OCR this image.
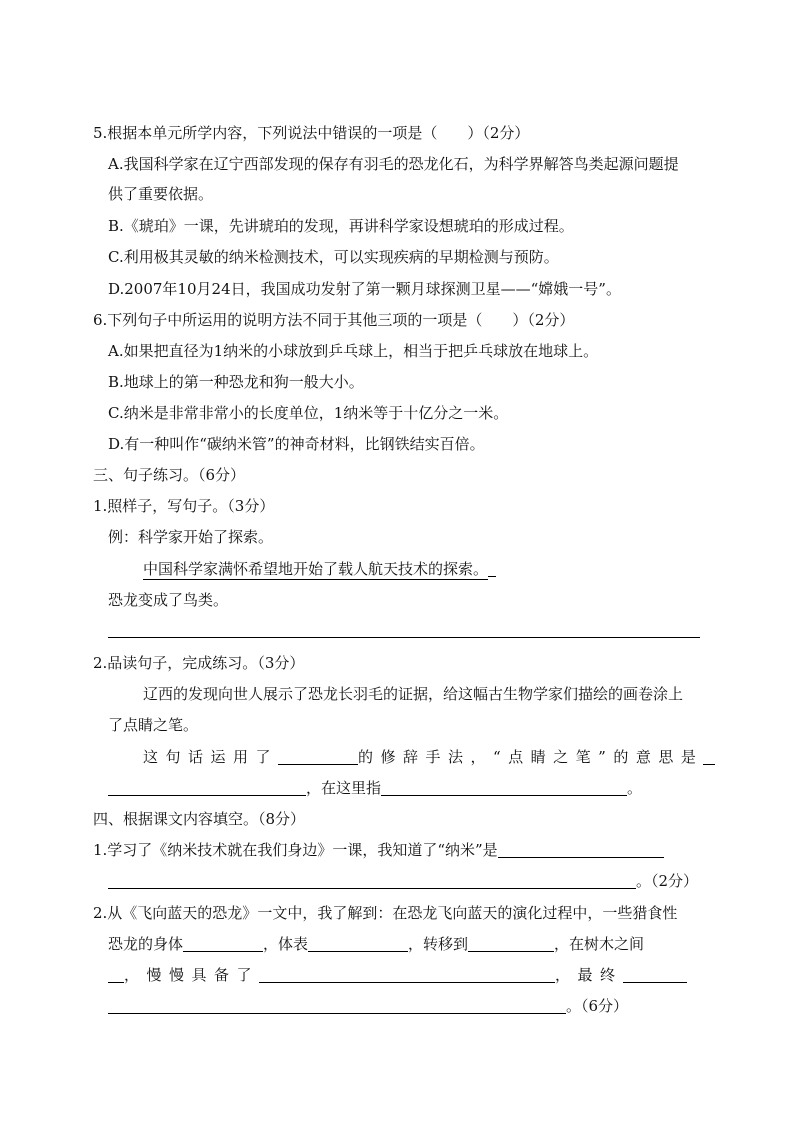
5.根据本单元所学内容，下列说法中错误的一项是（　　）（2分）
A.我国科学家在辽宁西部发现的保存有羽毛的恐龙化石，为科学界解答鸟类起源问题提
供了重要依据。
B.《琥珀》一课，先讲琥珀的发现，再讲科学家设想琥珀的形成过程。
C.利用极其灵敏的纳米检测技术，可以实现疾病的早期检测与预防。
D.2007年10月24日，我国成功发射了第一颗月球探测卫星——“嫦娥一号”。
6.下列句子中所运用的说明方法不同于其他三项的一项是（　　）（2分）
A.如果把直径为1纳米的小球放到乒乓球上，相当于把乒乓球放在地球上。
B.地球上的第一种恐龙和狗一般大小。
C.纳米是非常非常小的长度单位，1纳米等于十亿分之一米。
D.有一种叫作“碳纳米管”的神奇材料，比钢铁结实百倍。
三、句子练习。（6分）
1.照样子，写句子。（3分）
例：科学家开始了探索。
中国科学家满怀希望地开始了载人航天技术的探索。
恐龙变成了鸟类。
2.品读句子，完成练习。（3分）
辽西的发现向世人展示了恐龙长羽毛的证据，给这幅古生物学家们描绘的画卷涂上
了点睛之笔。
这句话运用了	的修辞手法，“点睛之笔”的意思是
，在这里指	。
四、根据课文内容填空。（8分）
1.学习了《纳米技术就在我们身边》一课，我知道了“纳米”是
。（2分）
2.从《飞向蓝天的恐龙》一文中，我了解到：在恐龙飞向蓝天的演化过程中，一些猎食性
恐龙的身体	，体表	，转移到	，在树木之间
，慢慢具备了	，最终
。（6分）
